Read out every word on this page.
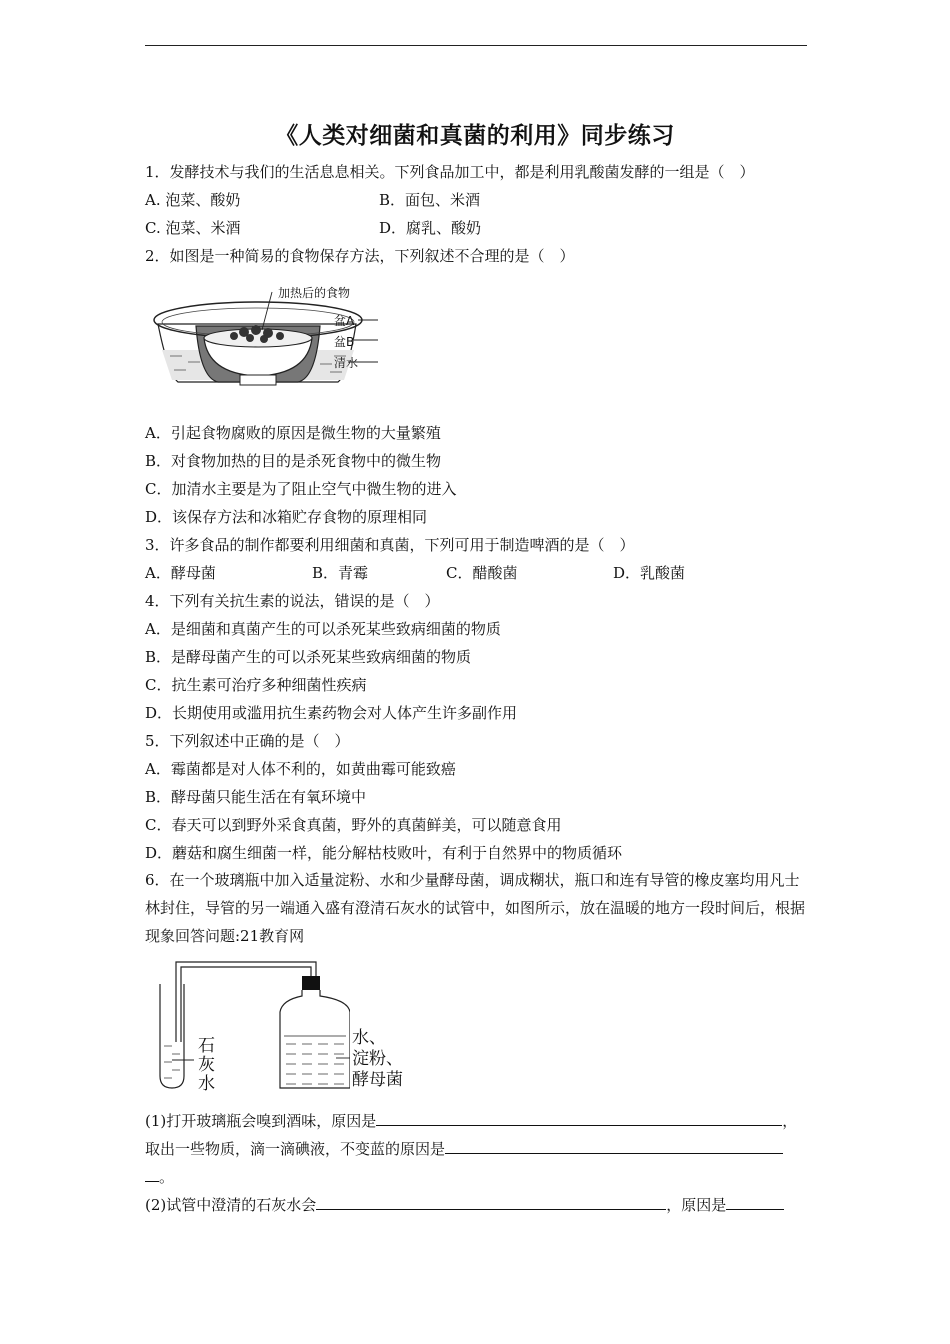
《人类对细菌和真菌的利用》同步练习
1．发酵技术与我们的生活息息相关。下列食品加工中，都是利用乳酸菌发酵的一组是（　）
A. 泡菜、酸奶	B．面包、米酒
C. 泡菜、米酒	D．腐乳、酸奶
2．如图是一种简易的食物保存方法，下列叙述不合理的是（　）
加热后的食物
盆A
盆B
清水
A．引起食物腐败的原因是微生物的大量繁殖
B．对食物加热的目的是杀死食物中的微生物
C．加清水主要是为了阻止空气中微生物的进入
D．该保存方法和冰箱贮存食物的原理相同
3．许多食品的制作都要利用细菌和真菌，下列可用于制造啤酒的是（　）
A．酵母菌	B．青霉	C．醋酸菌	D．乳酸菌
4．下列有关抗生素的说法，错误的是（　）
A．是细菌和真菌产生的可以杀死某些致病细菌的物质
B．是酵母菌产生的可以杀死某些致病细菌的物质
C．抗生素可治疗多种细菌性疾病
D．长期使用或滥用抗生素药物会对人体产生许多副作用
5．下列叙述中正确的是（　）
A．霉菌都是对人体不利的，如黄曲霉可能致癌
B．酵母菌只能生活在有氧环境中
C．春天可以到野外采食真菌，野外的真菌鲜美，可以随意食用
D．蘑菇和腐生细菌一样，能分解枯枝败叶，有利于自然界中的物质循环
6．在一个玻璃瓶中加入适量淀粉、水和少量酵母菌，调成糊状，瓶口和连有导管的橡皮塞均用凡士林封住，导管的另一端通入盛有澄清石灰水的试管中，如图所示，放在温暖的地方一段时间后，根据现象回答问题:21教育网
石
灰
水
水、
淀粉、
酵母菌
(1)打开玻璃瓶会嗅到酒味，原因是	，
取出一些物质，滴一滴碘液，不变蓝的原因是
。
(2)试管中澄清的石灰水会	，原因是
